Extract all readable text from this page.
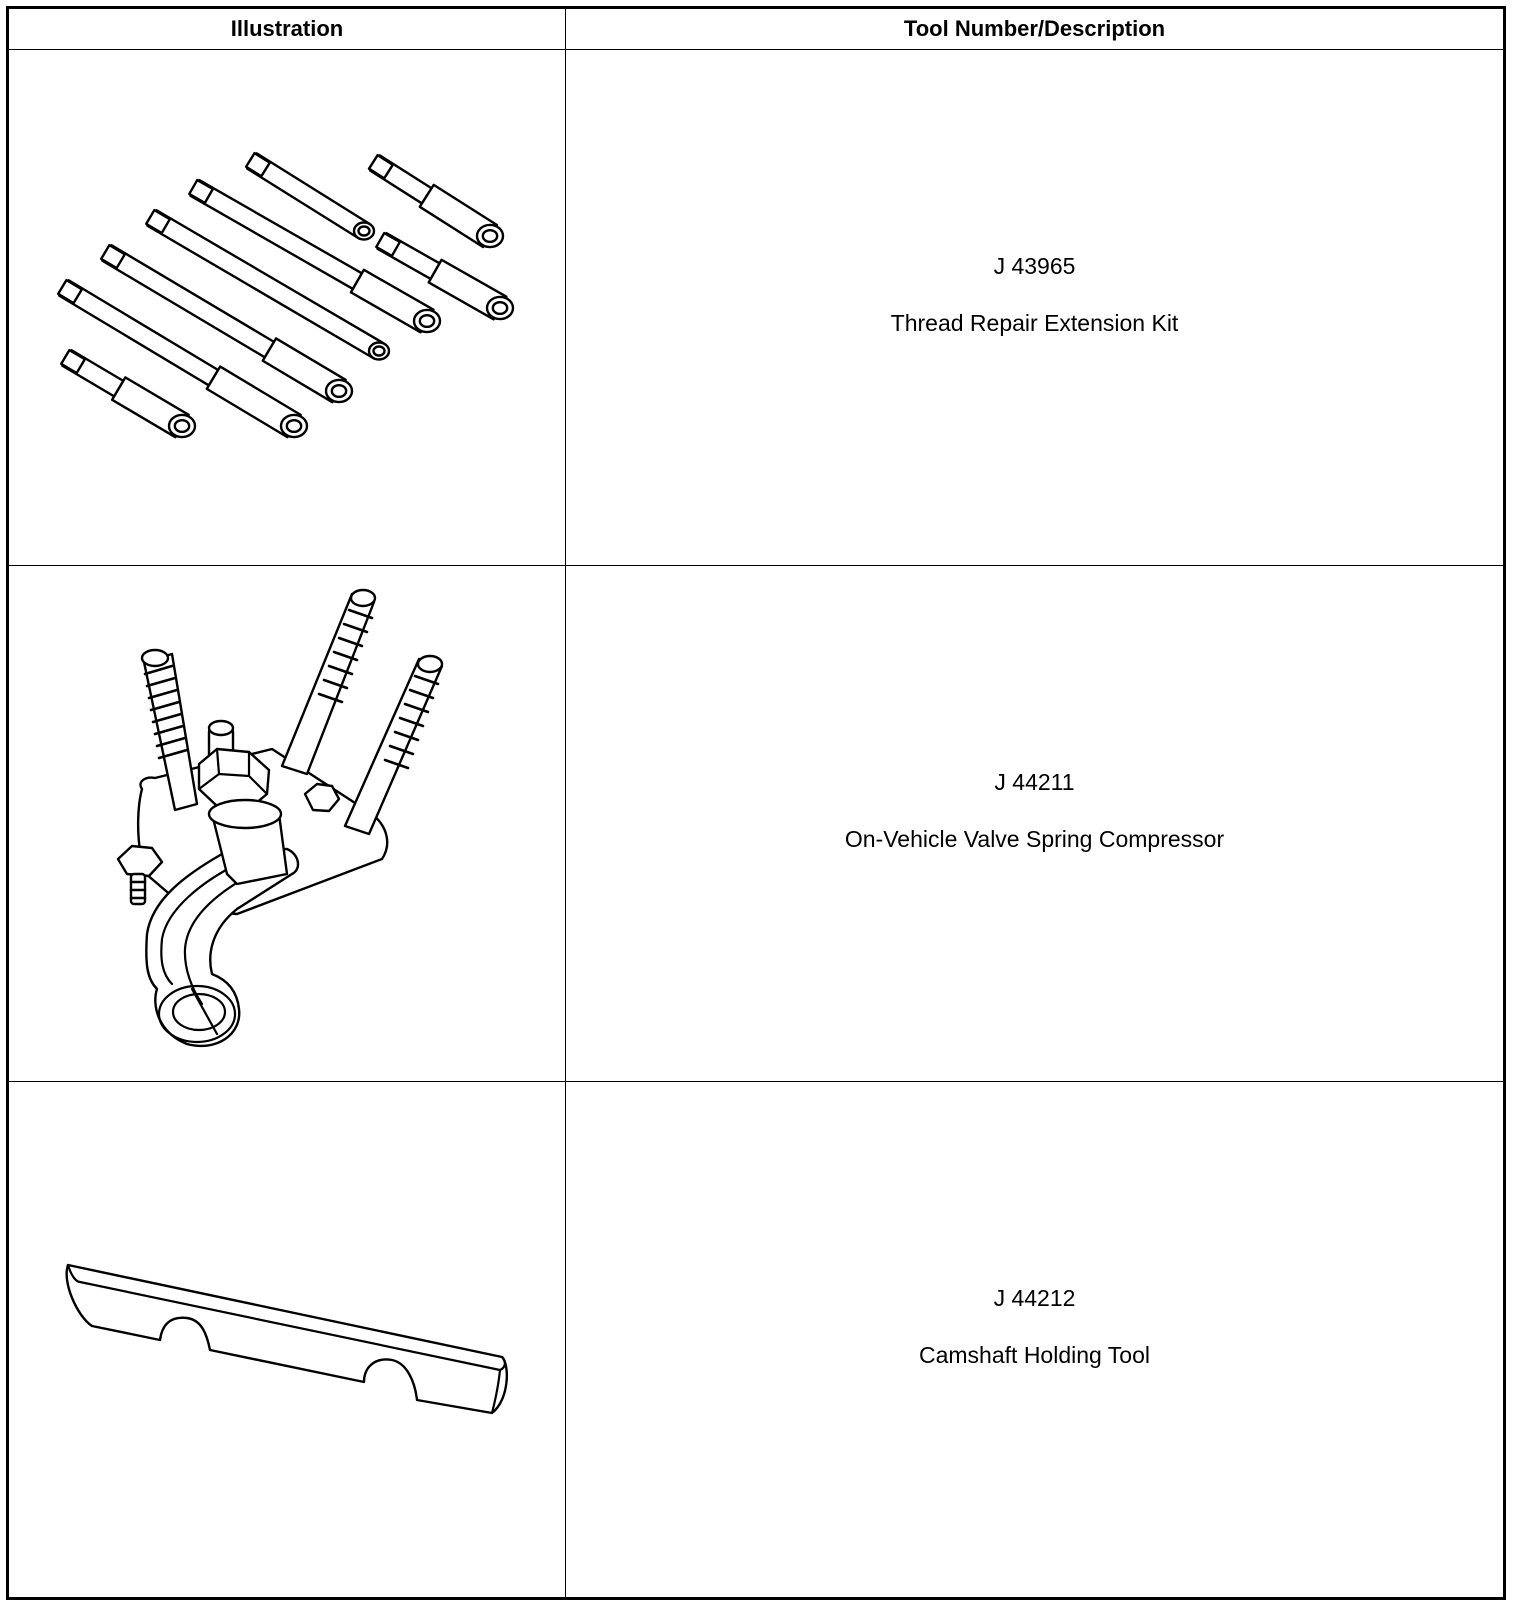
Illustration	Tool Number/Description

J 43965
Thread Repair Extension Kit

J 44211
On-Vehicle Valve Spring Compressor

J 44212
Camshaft Holding Tool
